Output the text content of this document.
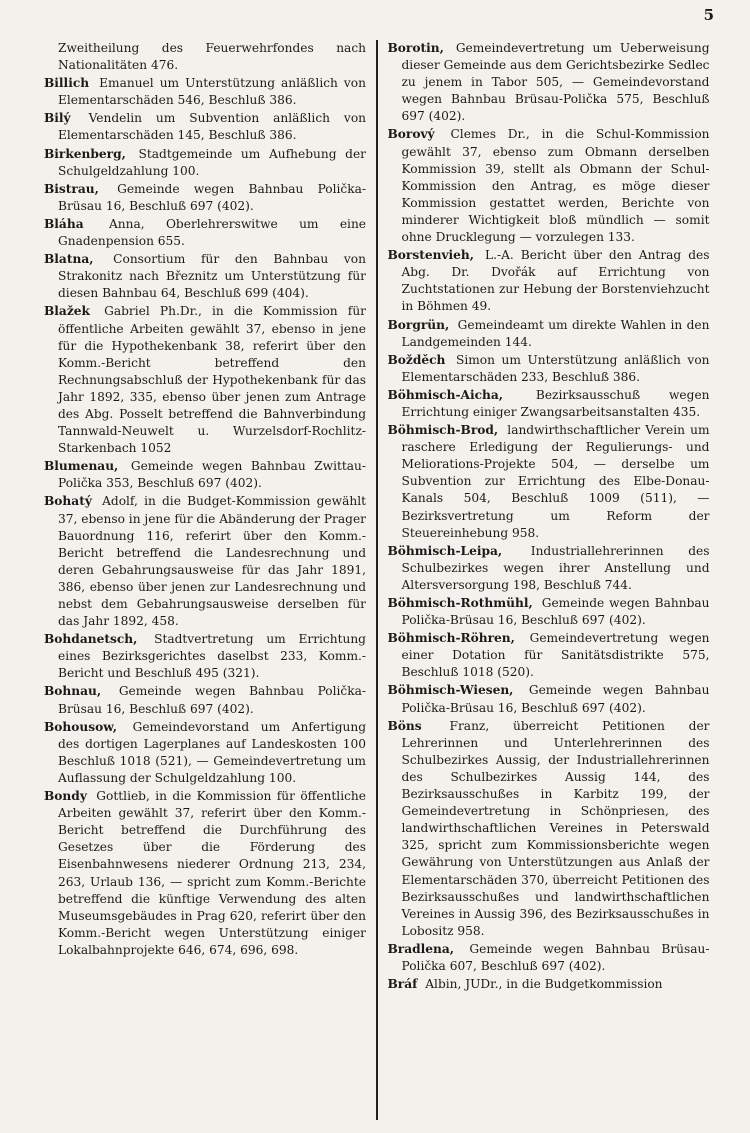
5

Zweitheilung des Feuerwehrfondes nach Nationalitäten 476.

Billich Emanuel um Unterstützung anläßlich von Elementarschäden 546, Beschluß 386.

Bilý Vendelin um Subvention anläßlich von Elementarschäden 145, Beschluß 386.

Birkenberg, Stadtgemeinde um Aufhebung der Schulgeldzahlung 100.

Bistrau, Gemeinde wegen Bahnbau Polička-Brüsau 16, Beschluß 697 (402).

Bláha Anna, Oberlehrerswitwe um eine Gnadenpension 655.

Blatna, Consortium für den Bahnbau von Strakonitz nach Březnitz um Unterstützung für diesen Bahnbau 64, Beschluß 699 (404).

Blažek Gabriel Ph.Dr., in die Kommission für öffentliche Arbeiten gewählt 37, ebenso in jene für die Hypothekenbank 38, referirt über den Komm.-Bericht betreffend den Rechnungsabschluß der Hypothekenbank für das Jahr 1892, 335, ebenso über jenen zum Antrage des Abg. Posselt betreffend die Bahnverbindung Tannwald-Neuwelt u. Wurzelsdorf-Rochlitz-Starkenbach 1052

Blumenau, Gemeinde wegen Bahnbau Zwittau-Polička 353, Beschluß 697 (402).

Bohatý Adolf, in die Budget-Kommission gewählt 37, ebenso in jene für die Abänderung der Prager Bauordnung 116, referirt über den Komm.-Bericht betreffend die Landesrechnung und deren Gebahrungsausweise für das Jahr 1891, 386, ebenso über jenen zur Landesrechnung und nebst dem Gebahrungsausweise derselben für das Jahr 1892, 458.

Bohdanetsch, Stadtvertretung um Errichtung eines Bezirksgerichtes daselbst 233, Komm.-Bericht und Beschluß 495 (321).

Bohnau, Gemeinde wegen Bahnbau Polička-Brüsau 16, Beschluß 697 (402).

Bohousow, Gemeindevorstand um Anfertigung des dortigen Lagerplanes auf Landeskosten 100 Beschluß 1018 (521), — Gemeindevertretung um Auflassung der Schulgeldzahlung 100.

Bondy Gottlieb, in die Kommission für öffentliche Arbeiten gewählt 37, referirt über den Komm.-Bericht betreffend die Durchführung des Gesetzes über die Förderung des Eisenbahnwesens niederer Ordnung 213, 234, 263, Urlaub 136, — spricht zum Komm.-Berichte betreffend die künftige Verwendung des alten Museumsgebäudes in Prag 620, referirt über den Komm.-Bericht wegen Unterstützung einiger Lokalbahnprojekte 646, 674, 696, 698.

Borotin, Gemeindevertretung um Ueberweisung dieser Gemeinde aus dem Gerichtsbezirke Sedlec zu jenem in Tabor 505, — Gemeindevorstand wegen Bahnbau Brüsau-Polička 575, Beschluß 697 (402).

Borový Clemes Dr., in die Schul-Kommission gewählt 37, ebenso zum Obmann derselben Kommission 39, stellt als Obmann der Schul-Kommission den Antrag, es möge dieser Kommission gestattet werden, Berichte von minderer Wichtigkeit bloß mündlich — somit ohne Drucklegung — vorzulegen 133.

Borstenvieh, L.-A. Bericht über den Antrag des Abg. Dr. Dvořák auf Errichtung von Zuchtstationen zur Hebung der Borstenviehzucht in Böhmen 49.

Borgrün, Gemeindeamt um direkte Wahlen in den Landgemeinden 144.

Božděch Simon um Unterstützung anläßlich von Elementarschäden 233, Beschluß 386.

Böhmisch-Aicha,	Bezirksausschuß wegen Errichtung einiger Zwangsarbeitsanstalten 435.

Böhmisch-Brod, landwirthschaftlicher Verein um raschere Erledigung der Regulierungs- und Meliorations-Projekte 504, — derselbe um Subvention zur Errichtung des Elbe-Donau-Kanals 504, Beschluß 1009 (511), — Bezirksvertretung um Reform der Steuereinhebung 958.

Böhmisch-Leipa, Industriallehrerinnen des Schulbezirkes wegen ihrer Anstellung und Altersversorgung 198, Beschluß 744.

Böhmisch-Rothmühl, Gemeinde wegen Bahnbau Polička-Brüsau 16, Beschluß 697 (402).

Böhmisch-Röhren, Gemeindevertretung wegen einer Dotation für Sanitätsdistrikte 575, Beschluß 1018 (520).

Böhmisch-Wiesen, Gemeinde wegen Bahnbau Polička-Brüsau 16, Beschluß 697 (402).

Böns Franz, überreicht Petitionen der Lehrerinnen und Unterlehrerinnen des Schulbezirkes Aussig, der Industriallehrerinnen des Schulbezirkes Aussig 144, des Bezirksausschußes in Karbitz 199, der Gemeindevertretung in Schönpriesen, des landwirthschaftlichen Vereines in Peterswald 325, spricht zum Kommissionsberichte wegen Gewährung von Unterstützungen aus Anlaß der Elementarschäden 370, überreicht Petitionen des Bezirksausschußes und landwirthschaftlichen Vereines in Aussig 396, des Bezirksausschußes in Lobositz 958.

Bradlena, Gemeinde wegen Bahnbau Brüsau-Polička 607, Beschluß 697 (402).

Bráf Albin, JUDr., in die Budgetkommission
